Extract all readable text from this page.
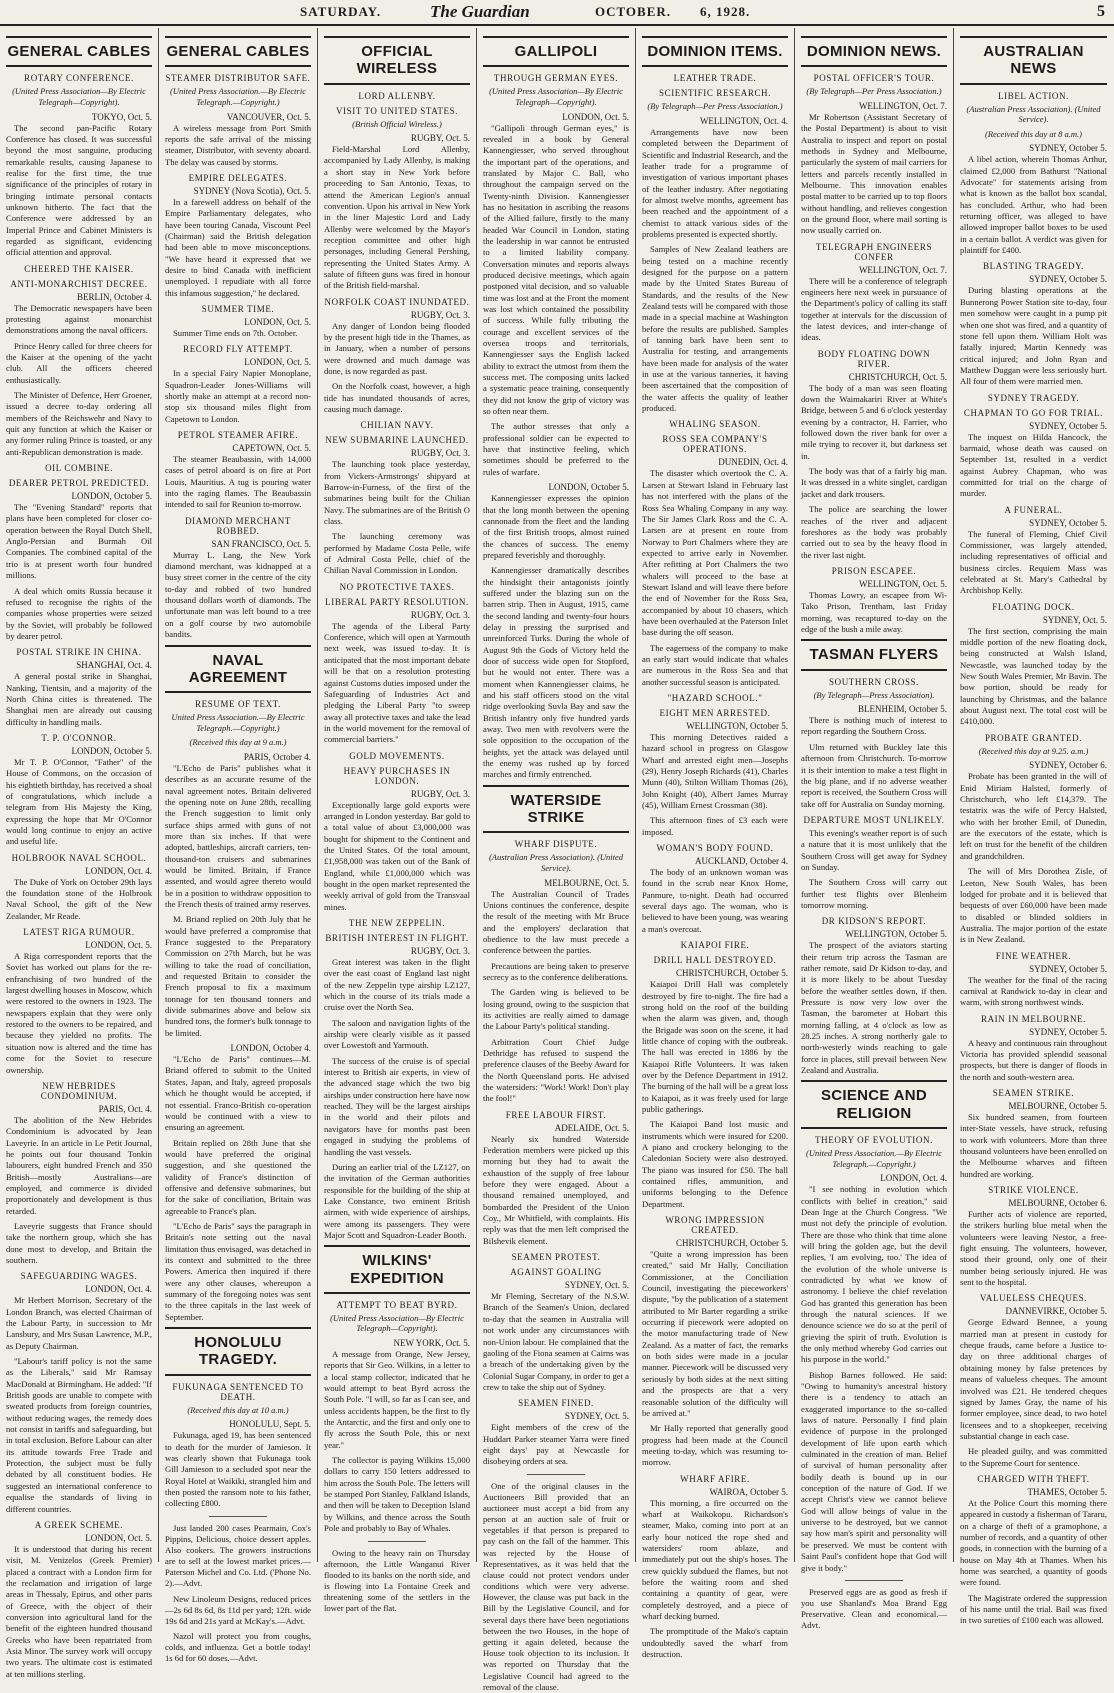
SATURDAY.	The Guardian	OCTOBER. 6, 1928.	5
GENERAL CABLES
ROTARY CONFERENCE.
(United Press Association—By Electric Telegraph—Copyright).
TOKYO, Oct. 5.

The second pan-Pacific Rotary Conference has closed. It was successful beyond the most sanguine, producing remarkable results, causing Japanese to realise for the first time, the true significance of the principles of rotary in bringing intimate personal contacts unknown hitherto. The fact that the Conference were addressed by an Imperial Prince and Cabinet Ministers is regarded as significant, evidencing official attention and approval.

CHEERED THE KAISER.
ANTI-MONARCHIST DECREE.
BERLIN, October 4.

The Democratic newspapers have been protesting against monarchist demonstrations among the naval officers.

Prince Henry called for three cheers for the Kaiser at the opening of the yacht club. All the officers cheered enthusiastically.

The Minister of Defence, Herr Groener, issued a decree to-day ordering all members of the Reichswehr and Navy to quit any function at which the Kaiser or any former ruling Prince is toasted, or any anti-Republican demonstration is made.

OIL COMBINE.
DEARER PETROL PREDICTED.
LONDON, October 5.

The "Evening Standard" reports that plans have been completed for closer co-operation between the Royal Dutch Shell, Anglo-Persian and Burmah Oil Companies. The combined capital of the trio is at present worth four hundred millions.

A deal which omits Russia because it refused to recognise the rights of the companies whose properties were seized by the Soviet, will probably be followed by dearer petrol.

POSTAL STRIKE IN CHINA.
SHANGHAI, Oct. 4.

A general postal strike in Shanghai, Nanking, Tientsin, and a majority of the North China cities is threatened. The Shanghai men are already out causing difficulty in handling mails.

T. P. O'CONNOR.
LONDON, October 5.

Mr T. P. O'Connor, "Father" of the House of Commons, on the occasion of his eightieth birthday, has received a shoal of congratulations, which include a telegram from His Majesty the King, expressing the hope that Mr O'Connor would long continue to enjoy an active and useful life.

HOLBROOK NAVAL SCHOOL.
LONDON, Oct. 4.

The Duke of York on October 29th lays the foundation stone of the Holbrook Naval School, the gift of the New Zealander, Mr Reade.

LATEST RIGA RUMOUR.
LONDON, Oct. 5.

A Riga correspondent reports that the Soviet has worked out plans for the re-enfranchising of two hundred of the largest dwelling houses in Moscow, which were restored to the owners in 1923. The newspapers explain that they were only restored to the owners to be repaired, and because they yielded no profits. The situation now is altered and the time has come for the Soviet to resecure ownership.

NEW HEBRIDES CONDOMINIUM.
PARIS, Oct. 4.

The abolition of the New Hebrides Condominium is advocated by Jean Laveyrie. In an article in Le Petit Journal, he points out four thousand Tonkin labourers, eight hundred French and 350 British—mostly Australians—are employed, and commerce is divided proportionately and development is thus retarded.

Laveyrie suggests that France should take the northern group, which she has done most to develop, and Britain the southern.

SAFEGUARDING WAGES.
LONDON, Oct. 4.

Mr Herbert Morrison, Secretary of the London Branch, was elected Chairman of the Labour Party, in succession to Mr Lansbury, and Mrs Susan Lawrence, M.P., as Deputy Chairman.

"Labour's tariff policy is not the same as the Liberals," said Mr Ramsay MacDonald at Birmingham. He added: "If British goods are unable to compete with sweated products from foreign countries, without reducing wages, the remedy does not consist in tariffs and safeguarding, but in total exclusion. Before Labour can alter its attitude towards Free Trade and Protection, the subject must be fully debated by all constituent bodies. He suggested an international conference to equalise the standards of living in different countries.

A GREEK SCHEME.
LONDON, Oct. 5.

It is understood that during his recent visit, M. Venizelos (Greek Premier) placed a contract with a London firm for the reclamation and irrigation of large areas in Thessaly, Epirus, and other parts of Greece, with the object of their conversion into agricultural land for the benefit of the eighteen hundred thousand Greeks who have been repatriated from Asia Minor. The survey work will occupy two years. The ultimate cost is estimated at ten millions sterling.

GENERAL CABLES
STEAMER DISTRIBUTOR SAFE.
(United Press Association.—By Electric Telegraph.—Copyright.)
VANCOUVER, Oct. 5.

A wireless message from Port Smith reports the safe arrival of the missing steamer, Distributor, with seventy aboard. The delay was caused by storms.

EMPIRE DELEGATES.
SYDNEY (Nova Scotia), Oct. 5.

In a farewell address on behalf of the Empire Parliamentary delegates, who have been touring Canada, Viscount Peel (Chairman) said the British delegation had been able to move misconceptions. "We have heard it expressed that we desire to bind Canada with inefficient unemployed. I repudiate with all force this infamous suggestion," he declared.

SUMMER TIME.
LONDON, Oct. 5.

Summer Time ends on 7th. October.

RECORD FLY ATTEMPT.
LONDON, Oct. 5.

In a special Fairy Napier Monoplane, Squadron-Leader Jones-Williams will shortly make an attempt at a record non-stop six thousand miles flight from Capetown to London.

PETROL STEAMER AFIRE.
CAPETOWN, Oct. 5.

The steamer Beaubassin, with 14,000 cases of petrol aboard is on fire at Port Louis, Mauritius. A tug is pouring water into the raging flames. The Beaubassin intended to sail for Reunion to-morrow.

DIAMOND MERCHANT ROBBED.
SAN FRANCISCO, Oct. 5.

Murray L. Lang, the New York diamond merchant, was kidnapped at a busy street corner in the centre of the city to-day and robbed of two hundred thousand dollars worth of diamonds. The unfortunate man was left bound to a tree on a golf course by two automobile bandits.

NAVAL AGREEMENT
RESUME OF TEXT.
United Press Association.—By Electric Telegraph.—Copyright.)
(Received this day at 9 a.m.)
PARIS, October 4.

"L'Echo de Paris" publishes what it describes as an accurate resume of the naval agreement notes. Britain delivered the opening note on June 28th, recalling the French suggestion to limit only surface ships armed with guns of not more than six inches. If that were adopted, battleships, aircraft carriers, ten-thousand-ton cruisers and submarines would be limited. Britain, if France assented, and would agree thereto would be in a position to withdraw opposition to the French thesis of trained army reserves.

M. Briand replied on 20th July that he would have preferred a compromise that France suggested to the Preparatory Commission on 27th March, but he was willing to take the road of conciliation, and requested Britain to consider the French proposal to fix a maximum tonnage for ten thousand tonners and divide submarines above and below six hundred tons, the former's bulk tonnage to be limited.

LONDON, October 4.

"L'Echo de Paris" continues—M. Briand offered to submit to the United States, Japan, and Italy, agreed proposals which he thought would be accepted, if not essential. Franco-British co-operation would be continued with a view to ensuring an agreement.

Britain replied on 28th June that she would have preferred the original suggestion, and she questioned the validity of France's distinction of offensive and defensive submarines, but for the sake of conciliation, Britain was agreeable to France's plan.

"L'Echo de Paris" says the paragraph in Britain's note setting out the naval limitation thus envisaged, was detached in its context and submitted to the three Powers. America then inquired if there were any other clauses, whereupon a summary of the foregoing notes was sent to the three capitals in the last week of September.

HONOLULU TRAGEDY.
FUKUNAGA SENTENCED TO DEATH.
(Received this day at 10 a.m.)
HONOLULU, Sept. 5.

Fukunaga, aged 19, has been sentenced to death for the murder of Jamieson. It was clearly shown that Fukunaga took Gill Jamieson to a secluded spot near the Royal Hotel at Waikiki, strangled him and then posted the ransom note to his father, collecting £800.

Just landed 200 cases Pearmain, Cox's Pippins, Delicious, choice dessert apples. Also cookers. The growers instructions are to sell at the lowest market prices.—Paterson Michel and Co. Ltd. ('Phone No. 2).—Advt.

New Linoleum Designs, reduced prices—2s 6d 8s 6d, 8s 11d per yard; 12ft. wide 19s 6d and 21s yard at McKay's.—Advt.

Nazol will protect you from coughs, colds, and influenza. Get a bottle today! 1s 6d for 60 doses.—Advt.

OFFICIAL WIRELESS
LORD ALLENBY.
VISIT TO UNITED STATES.
(British Official Wireless.)
RUGBY, Oct. 5.

Field-Marshal Lord Allenby, accompanied by Lady Allenby, is making a short stay in New York before proceeding to San Antonio, Texas, to attend the American Legion's annual convention. Upon his arrival in New York in the liner Majestic Lord and Lady Allenby were welcomed by the Mayor's reception committee and other high personages, including General Pershing, representing the United States Army. A salute of fifteen guns was fired in honour of the British field-marshal.

NORFOLK COAST INUNDATED.
RUGBY, Oct. 3.

Any danger of London being flooded by the present high tide in the Thames, as in January, when a number of persons were drowned and much damage was done, is now regarded as past.

On the Norfolk coast, however, a high tide has inundated thousands of acres, causing much damage.

CHILIAN NAVY.
NEW SUBMARINE LAUNCHED.
RUGBY, Oct. 3.

The launching took place yesterday, from Vickers-Armstrongs' shipyard at Barrow-in-Furness, of the first of the submarines being built for the Chilian Navy. The submarines are of the British O class.

The launching ceremony was performed by Madame Costa Pelle, wife of Admiral Costa Pelle, chief of the Chilian Naval Commission in London.

NO PROTECTIVE TAXES.
LIBERAL PARTY RESOLUTION.
RUGBY, Oct. 3.

The agenda of the Liberal Party Conference, which will open at Yarmouth next week, was issued to-day. It is anticipated that the most important debate will be that on a resolution protesting against Customs duties imposed under the Safeguarding of Industries Act and pledging the Liberal Party "to sweep away all protective taxes and take the lead in the world movement for the removal of commercial barriers."

GOLD MOVEMENTS.
HEAVY PURCHASES IN LONDON.
RUGBY, Oct. 3.

Exceptionally large gold exports were arranged in London yesterday. Bar gold to a total value of about £3,000,000 was bought for shipment to the Continent and the United States. Of the total amount, £1,958,000 was taken out of the Bank of England, while £1,000,000 which was bought in the open market represented the weekly arrival of gold from the Transvaal mines.

THE NEW ZEPPELIN.
BRITISH INTEREST IN FLIGHT.
RUGBY, Oct. 3.

Great interest was taken in the flight over the east coast of England last night of the new Zeppelin type airship LZ127, which in the course of its trials made a cruise over the North Sea.

The saloon and navigation lights of the airship were clearly visible as it passed over Lowestoft and Yarmouth.

The success of the cruise is of special interest to British air experts, in view of the advanced stage which the two big airships under construction here have now reached. They will be the largest airships in the world and their pilots and navigators have for months past been engaged in studying the problems of handling the vast vessels.

During an earlier trial of the LZ127, on the invitation of the German authorities responsible for the building of the ship at Lake Constance, two eminent British airmen, with wide experience of airships, were among its passengers. They were Major Scott and Squadron-Leader Booth.

WILKINS' EXPEDITION
ATTEMPT TO BEAT BYRD.
(United Press Association—By Electric Telegraph—Copyright).
NEW YORK, Oct. 5.

A message from Orange, New Jersey, reports that Sir Geo. Wilkins, in a letter to a local stamp collector, indicated that he would attempt to beat Byrd across the South Pole. "I will, so far as I can see, and unless accidents happen, be the first to fly the Antarctic, and the first and only one to fly across the South Pole, this or next year."

The collector is paying Wilkins 15,000 dollars to carry 150 letters addressed to him across the South Pole. The letters will be stamped Port Stanley, Falkland Islands, and then will be taken to Deception Island by Wilkins, and thence across the South Pole and probably to Bay of Whales.

Owing to the heavy rain on Thursday afternoon, the Little Wanganui River flooded to its banks on the north side, and is flowing into La Fontaine Creek and threatening some of the settlers in the lower part of the flat.

GALLIPOLI
THROUGH GERMAN EYES.
(United Press Association—By Electric Telegraph—Copyright).
LONDON, Oct. 5.

"Gallipoli through German eyes," is revealed in a book by General Kannengiesser, who served throughout the important part of the operations, and translated by Major C. Ball, who throughout the campaign served on the Twenty-ninth Division. Kannengiesser has no hesitation in ascribing the reasons of the Allied failure, firstly to the many headed War Council in London, stating the leadership in war cannot be entrusted to a limited liability company. Conversation minutes and reports always produced decisive meetings, which again postponed vital decision, and so valuable time was lost and at the Front the moment was lost which contained the possibility of success. While fully tributing the courage and excellent services of the oversea troops and territorials, Kannengiesser says the English lacked ability to extract the utmost from them the success met. The composing units lacked a systematic peace training, consequently they did not know the grip of victory was so often near them.

The author stresses that only a professional soldier can be expected to have that instinctive feeling, which sometimes should be preferred to the rules of warfare.

LONDON, October 5.

Kannengiesser expresses the opinion that the long month between the opening cannonade from the fleet and the landing of the first British troops, almost ruined the chances of success. The enemy prepared feverishly and thoroughly.

Kannengiesser dramatically describes the hindsight their antagonists jointly suffered under the blazing sun on the barren strip. Then in August, 1915, came the second landing and twenty-four hours delay in pressing the surprised and unreinforced Turks. During the whole of August 9th the Gods of Victory held the door of success wide open for Stopford, but he would not enter. There was a moment when Kannengiesser claims, he and his staff officers stood on the vital ridge overlooking Suvla Bay and saw the British infantry only five hundred yards away. Two men with revolvers were the sole opposition to the occupation of the heights, yet the attack was delayed until the enemy was rushed up by forced marches and firmly entrenched.

WATERSIDE STRIKE
WHARF DISPUTE.
(Australian Press Association). (United Service).
MELBOURNE, Oct. 5.

The Australian Council of Trades Unions continues the conference, despite the result of the meeting with Mr Bruce and the employers' declaration that obedience to the law must precede a conference between the parties.

Precautions are being taken to preserve secrecy as to the conference deliberations.

The Garden wing is believed to be losing ground, owing to the suspicion that its activities are really aimed to damage the Labour Party's political standing.

Arbitration Court Chief Judge Dethridge has refused to suspend the preference clauses of the Beeby Award for the North Queensland ports. He advised the watersiders: "Work! Work! Don't play the fool!"

FREE LABOUR FIRST.
ADELAIDE, Oct. 5.

Nearly six hundred Waterside Federation members were picked up this morning but they had to await the exhaustion of the supply of free labour before they were engaged. About a thousand remained unemployed, and bombarded the President of the Union Coy., Mr Whitfield, with complaints. His reply was that the men left comprised the Bilshevik element.

SEAMEN PROTEST.
AGAINST GOALING
SYDNEY, Oct. 5.

Mr Fleming, Secretary of the N.S.W. Branch of the Seamen's Union, declared to-day that the seamen in Australia will not work under any circumstances with non-Union labour. He complained that the gaoling of the Fiona seamen at Cairns was a breach of the undertaking given by the Colonial Sugar Company, in order to get a crew to take the ship out of Sydney.

SEAMEN FINED.
SYDNEY, Oct. 5.

Eight members of the crew of the Huddart Parker steamer Yarra were fined eight days' pay at Newcastle for disobeying orders at sea.

One of the original clauses in the Auctioneers Bill provided that an auctioneer must accept a bid from any person at an auction sale of fruit or vegetables if that person is prepared to pay cash on the fall of the hammer. This was rejected by the House of Representatives, as it was held that the clause could not protect vendors under conditions which were very adverse. However, the clause was put back in the Bill by the Legislative Council, and for several days there have been negotiations between the two Houses, in the hope of getting it again deleted, because the House took objection to its inclusion. It was reported on Thursday that the Legislative Council had agreed to the removal of the clause.

DOMINION ITEMS.
LEATHER TRADE.
SCIENTIFIC RESEARCH.
(By Telegraph—Per Press Association.)
WELLINGTON, Oct. 4.

Arrangements have now been completed between the Department of Scientific and Industrial Research, and the leather trade for a programme of investigation of various important phases of the leather industry. After negotiating for almost twelve months, agreement has been reached and the appointment of a chemist to attack various sides of the problems presented is expected shortly.

Samples of New Zealand leathers are being tested on a machine recently designed for the purpose on a pattern made by the United States Bureau of Standards, and the results of the New Zealand tests will be compared with those made in a special machine at Washington before the results are published. Samples of tanning bark have been sent to Australia for testing, and arrangements have been made for analysis of the water in use at the various tanneries, it having been ascertained that the composition of the water affects the quality of leather produced.

WHALING SEASON.
ROSS SEA COMPANY'S OPERATIONS.
DUNEDIN, Oct. 4.

The disaster which overtook the C. A. Larsen at Stewart Island in February last has not interfered with the plans of the Ross Sea Whaling Company in any way. The Sir James Clark Ross and the C. A. Larsen are at present en route from Norway to Port Chalmers where they are expected to arrive early in November. After refitting at Port Chalmers the two whalers will proceed to the base at Stewart Island and will leave there before the end of November for the Ross Sea, accompanied by about 10 chasers, which have been overhauled at the Paterson Inlet base during the off season.

The eagerness of the company to make an early start would indicate that whales are numerous in the Ross Sea and that another successful season is anticipated.

"HAZARD SCHOOL."
EIGHT MEN ARRESTED.
WELLINGTON, October 5.

This morning Detectives raided a hazard school in progress on Glasgow Wharf and arrested eight men—Josephs (29), Henry Joseph Richards (41), Charles Munn (40), Stilton William Thomas (26), John Knight (40), Albert James Murray (45), William Ernest Crossman (38).

This afternoon fines of £3 each were imposed.

WOMAN'S BODY FOUND.
AUCKLAND, October 4.

The body of an unknown woman was found in the scrub near Knox Home, Panmure, to-night. Death had occurred several days ago. The woman, who is believed to have been young, was wearing a man's overcoat.

KAIAPOI FIRE.
DRILL HALL DESTROYED.
CHRISTCHURCH, October 5.

Kaiapoi Drill Hall was completely destroyed by fire to-night. The fire had a strong hold on the roof of the building when the alarm was given, and, though the Brigade was soon on the scene, it had little chance of coping with the outbreak. The hall was erected in 1886 by the Kaiapoi Rifle Volunteers. It was taken over by the Defence Department in 1912. The burning of the hall will be a great loss to Kaiapoi, as it was freely used for large public gatherings.

The Kaiapoi Band lost music and instruments which were insured for £200. A piano and crockery belonging to the Caledonian Society were also destroyed. The piano was insured for £50. The hall contained rifles, ammunition, and uniforms belonging to the Defence Department.

WRONG IMPRESSION CREATED.
CHRISTCHURCH, October 5.

"Quite a wrong impression has been created," said Mr Hally, Conciliation Commissioner, at the Conciliation Council, investigating the pieceworkers' dispute, "by the publication of a statement attributed to Mr Barter regarding a strike occurring if piecework were adopted on the motor manufacturing trade of New Zealand. As a matter of fact, the remarks on both sides were made in a jocular manner. Piecework will be discussed very seriously by both sides at the next sitting and the prospects are that a very reasonable solution of the difficulty will be arrived at."

Mr Hally reported that generally good progress had been made at the Council meeting to-day, which was resuming to-morrow.

WHARF AFIRE.
WAIROA, October 5.

This morning, a fire occurred on the wharf at Waikokopu. Richardson's steamer, Mako, coming into port at an early hour noticed the rope shed and watersiders' room ablaze, and immediately put out the ship's hoses. The crew quickly subdued the flames, but not before the waiting room and shed containing a quantity of gear, were completely destroyed, and a piece of wharf decking burned.

The promptitude of the Mako's captain undoubtedly saved the wharf from destruction.

DOMINION NEWS.
POSTAL OFFICER'S TOUR.
(By Telegraph—Per Press Association.)
WELLINGTON, Oct. 7.

Mr Robertson (Assistant Secretary of the Postal Department) is about to visit Australia to inspect and report on postal methods in Sydney and Melbourne, particularly the system of mail carriers for letters and parcels recently installed in Melbourne. This innovation enables postal matter to be carried up to top floors without handling, and relieves congestion on the ground floor, where mail sorting is now usually carried on.

TELEGRAPH ENGINEERS CONFER
WELLINGTON, Oct. 7.

There will be a conference of telegraph engineers here next week in pursuance of the Department's policy of calling its staff together at intervals for the discussion of the latest devices, and inter-change of ideas.

BODY FLOATING DOWN RIVER.
CHRISTCHURCH, Oct. 5.

The body of a man was seen floating down the Waimakariri River at White's Bridge, between 5 and 6 o'clock yesterday evening by a contractor, H. Farrier, who followed down the river bank for over a mile trying to recover it, but darkness set in.

The body was that of a fairly big man. It was dressed in a white singlet, cardigan jacket and dark trousers.

The police are searching the lower reaches of the river and adjacent foreshores as the body was probably carried out to sea by the heavy flood in the river last night.

PRISON ESCAPEE.
WELLINGTON, Oct. 5.

Thomas Lowry, an escapee from Wi-Tako Prison, Trentham, last Friday morning, was recaptured to-day on the edge of the bush a mile away.

TASMAN FLYERS
SOUTHERN CROSS.
(By Telegraph—Press Association).
BLENHEIM, October 5.

There is nothing much of interest to report regarding the Southern Cross.

Ulm returned with Buckley late this afternoon from Christchurch. To-morrow it is their intention to make a test flight in the big plane, and if no adverse weather report is received, the Southern Cross will take off for Australia on Sunday morning.

DEPARTURE MOST UNLIKELY.

This evening's weather report is of such a nature that it is most unlikely that the Southern Cross will get away for Sydney on Sunday.

The Southern Cross will carry out further test flights over Blenheim tomorrow morning.

DR KIDSON'S REPORT.
WELLINGTON, October 5.

The prospect of the aviators starting their return trip across the Tasman are rather remote, said Dr Kidson to-day, and it is more likely to be about Tuesday before the weather settles down, if then. Pressure is now very low over the Tasman, the barometer at Hobart this morning falling, at 4 o'clock as low as 28.25 inches. A strong northerly gale to north-westerly winds reaching to gale force in places, still prevail between New Zealand and Australia.

SCIENCE AND RELIGION
THEORY OF EVOLUTION.
(United Press Association.—By Electric Telegraph.—Copyright.)
LONDON, Oct. 4.

"I see nothing in evolution which conflicts with belief in creation," said Dean Inge at the Church Congress. "We must not defy the principle of evolution. There are those who think that time alone will bring the golden age, but the devil replies, 'I am evolving, too.' The idea of the evolution of the whole universe is contradicted by what we know of astronomy. I believe the chief revelation God has granted this generation has been through the natural sciences. If we denounce science we do so at the peril of grieving the spirit of truth. Evolution is the only method whereby God carries out his purpose in the world."

Bishop Barnes followed. He said: "Owing to humanity's ancestral history there is a tendency to attach an exaggerated importance to the so-called laws of nature. Personally I find plain evidence of purpose in the prolonged development of life upon earth which culminated in the creation of man. Belief of survival of human personality after bodily death is bound up in our conception of the nature of God. If we accept Christ's view we cannot believe God will allow beings of value in the universe to be destroyed, but we cannot say how man's spirit and personality will be preserved. We must be content with Saint Paul's confident hope that God will give it body."

Preserved eggs are as good as fresh if you use Shanland's Moa Brand Egg Preservative. Clean and economical.—Advt.

AUSTRALIAN NEWS
LIBEL ACTION.
(Australian Press Association). (United Service).
(Received this day at 8 a.m.)
SYDNEY, October 5.

A libel action, wherein Thomas Arthur, claimed £2,000 from Bathurst "National Advocate" for statements arising from what is known as the ballot box scandal, has concluded. Arthur, who had been returning officer, was alleged to have allowed improper ballot boxes to be used in a certain ballot. A verdict was given for plaintiff for £400.

BLASTING TRAGEDY.
SYDNEY, October 5.

During blasting operations at the Bunnerong Power Station site to-day, four men somehow were caught in a pump pit when one shot was fired, and a quantity of stone fell upon them. William Holt was fatally injured; Martin Kennedy was critical injured; and John Ryan and Matthew Duggan were less seriously hurt. All four of them were married men.

SYDNEY TRAGEDY.
CHAPMAN TO GO FOR TRIAL.
SYDNEY, October 5.

The inquest on Hilda Hancock, the barmaid, whose death was caused on September 1st, resulted in a verdict against Aubrey Chapman, who was committed for trial on the charge of murder.

A FUNERAL.
SYDNEY, October 5.

The funeral of Fleming, Chief Civil Commissioner, was largely attended, including representatives of official and business circles. Requiem Mass was celebrated at St. Mary's Cathedral by Archbishop Kelly.

FLOATING DOCK.
SYDNEY, Oct. 5.

The first section, comprising the main middle portion of the new floating dock, being constructed at Walsh Island, Newcastle, was launched today by the New South Wales Premier, Mr Bavin. The bow portion, should be ready for launching by Christmas, and the balance about August next. The total cost will be £410,000.

PROBATE GRANTED.
(Received this day at 9.25. a.m.)
SYDNEY, October 6.

Probate has been granted in the will of Enid Miriam Halsted, formerly of Christchurch, who left £14,379. The testatrix was the wife of Percy Halsted, who with her brother Emil, of Dunedin, are the executors of the estate, which is left on trust for the benefit of the children and grandchildren.

The will of Mrs Dorothea Zisle, of Leeton, New South Wales, has been lodged for probate and it is believed that bequests of over £60,000 have been made to disabled or blinded soldiers in Australia. The major portion of the estate is in New Zealand.

FINE WEATHER.
SYDNEY, October 5.

The weather for the final of the racing carnival at Randwick to-day in clear and warm, with strong northwest winds.

RAIN IN MELBOURNE.
SYDNEY, October 5.

A heavy and continuous rain throughout Victoria has provided splendid seasonal prospects, but there is danger of floods in the north and south-western area.

SEAMEN STRIKE.
MELBOURNE, October 5.

Six hundred seamen, from fourteen inter-State vessels, have struck, refusing to work with volunteers. More than three thousand volunteers have been enrolled on the Melbourne wharves and fifteen hundred are working.

STRIKE VIOLENCE.
MELBOURNE, October 6.

Further acts of violence are reported, the strikers hurling blue metal when the volunteers were leaving Nestor, a free-fight ensuing. The volunteers, however, stood their ground, only one of their number being seriously injured. He was sent to the hospital.

VALUELESS CHEQUES.
DANNEVIRKE, October 5.

George Edward Bennee, a young married man at present in custody for cheque frauds, came before a Justice to-day on three additional charges of obtaining money by false pretences by means of valueless cheques. The amount involved was £21. He tendered cheques signed by James Gray, the name of his former employee, since dead, to two hotel licensees and to a shopkeeper, receiving substantial change in each case.

He pleaded guilty, and was committed to the Supreme Court for sentence.

CHARGED WITH THEFT.
THAMES, October 5.

At the Police Court this morning there appeared in custody a fisherman of Tararu, on a charge of theft of a gramophone, a number of records, and a quantity of other goods, in connection with the burning of a house on May 4th at Thames. When his home was searched, a quantity of goods were found.

The Magistrate ordered the suppression of his name until the trial. Bail was fixed in two sureties of £100 each was allowed.
